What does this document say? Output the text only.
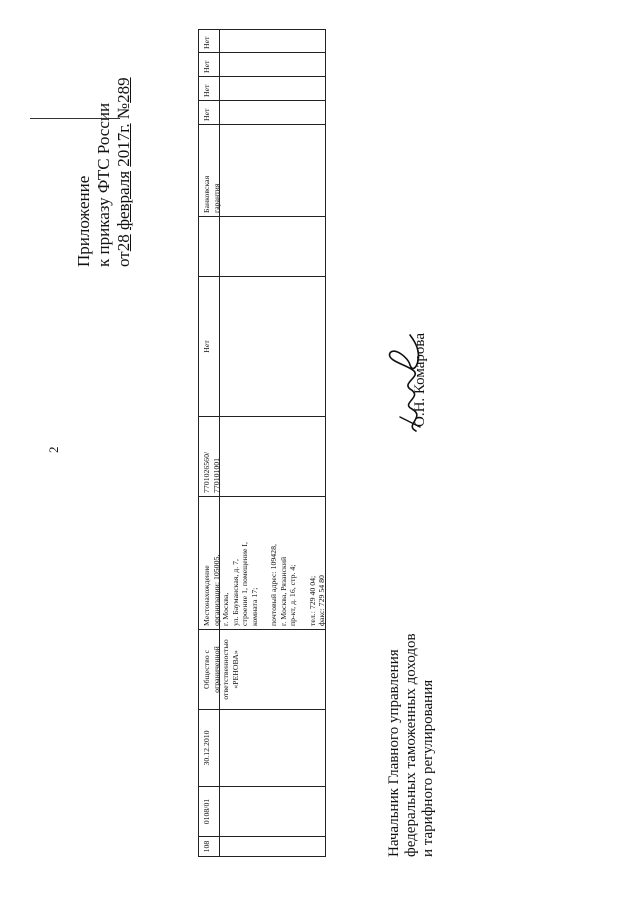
2
Приложение к приказу ФТС России от28 февраля 2017г. №289
108
0108/01
30.12.2010
Общество с
ограниченной
ответственностью
«РЕНОВА»
Местонахождение
организации: 105005,
г. Москва,
ул. Бауманская, д. 7,
строение 1, помещение I,
комната 17;

почтовый адрес: 109428,
г. Москва, Рязанский
пр-кт, д. 16, стр. 4;

тел.: 729 40 04;
факс: 729 54 80
7701026560/
770101001
Нет
Банковская
гарантия
Нет
Нет
Нет
Нет
Начальник Главного управления федеральных таможенных доходов и тарифного регулирования
О.Н. Комарова
